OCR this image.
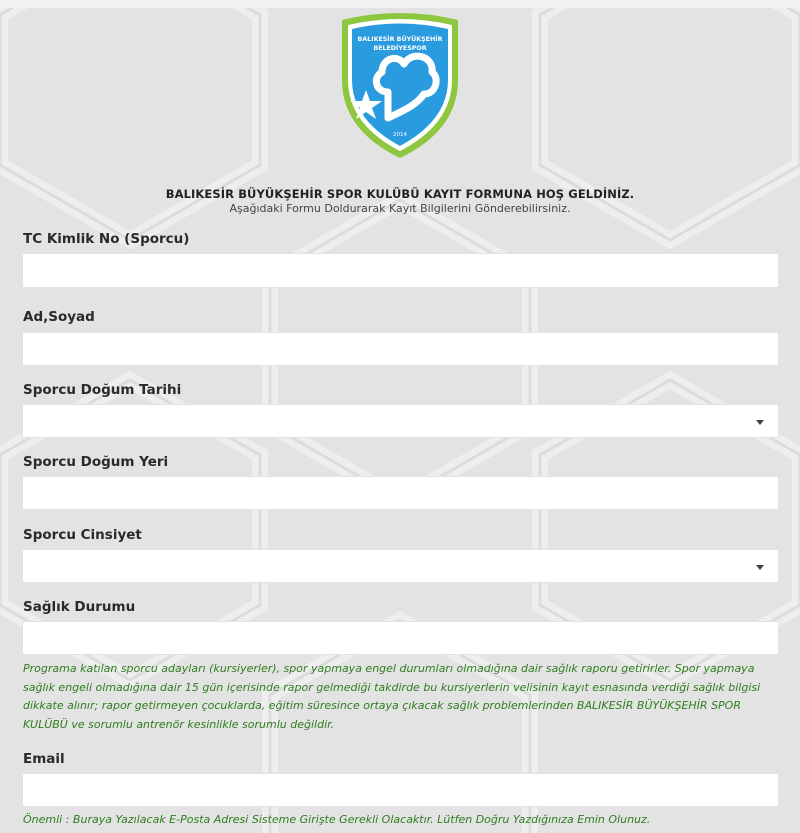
BALIKESİR BÜYÜKŞEHİR
BELEDİYESPOR
2014
BALIKESİR BÜYÜKŞEHİR SPOR KULÜBÜ KAYIT FORMUNA HOŞ GELDİNİZ.
Aşağıdaki Formu Doldurarak Kayıt Bilgilerini Gönderebilirsiniz.
TC Kimlik No (Sporcu)
Ad,Soyad
Sporcu Doğum Tarihi
Sporcu Doğum Yeri
Sporcu Cinsiyet
Sağlık Durumu
Programa katılan sporcu adayları (kursiyerler), spor yapmaya engel durumları olmadığına dair sağlık raporu getirirler. Spor yapmaya
sağlık engeli olmadığına dair 15 gün içerisinde rapor gelmediği takdirde bu kursiyerlerin velisinin kayıt esnasında verdiği sağlık bilgisi
dikkate alınır; rapor getirmeyen çocuklarda, eğitim süresince ortaya çıkacak sağlık problemlerinden BALIKESİR BÜYÜKŞEHİR SPOR
KULÜBÜ ve sorumlu antrenör kesinlikle sorumlu değildir.
Email
Önemli : Buraya Yazılacak E-Posta Adresi Sisteme Girişte Gerekli Olacaktır. Lütfen Doğru Yazdığınıza Emin Olunuz.
